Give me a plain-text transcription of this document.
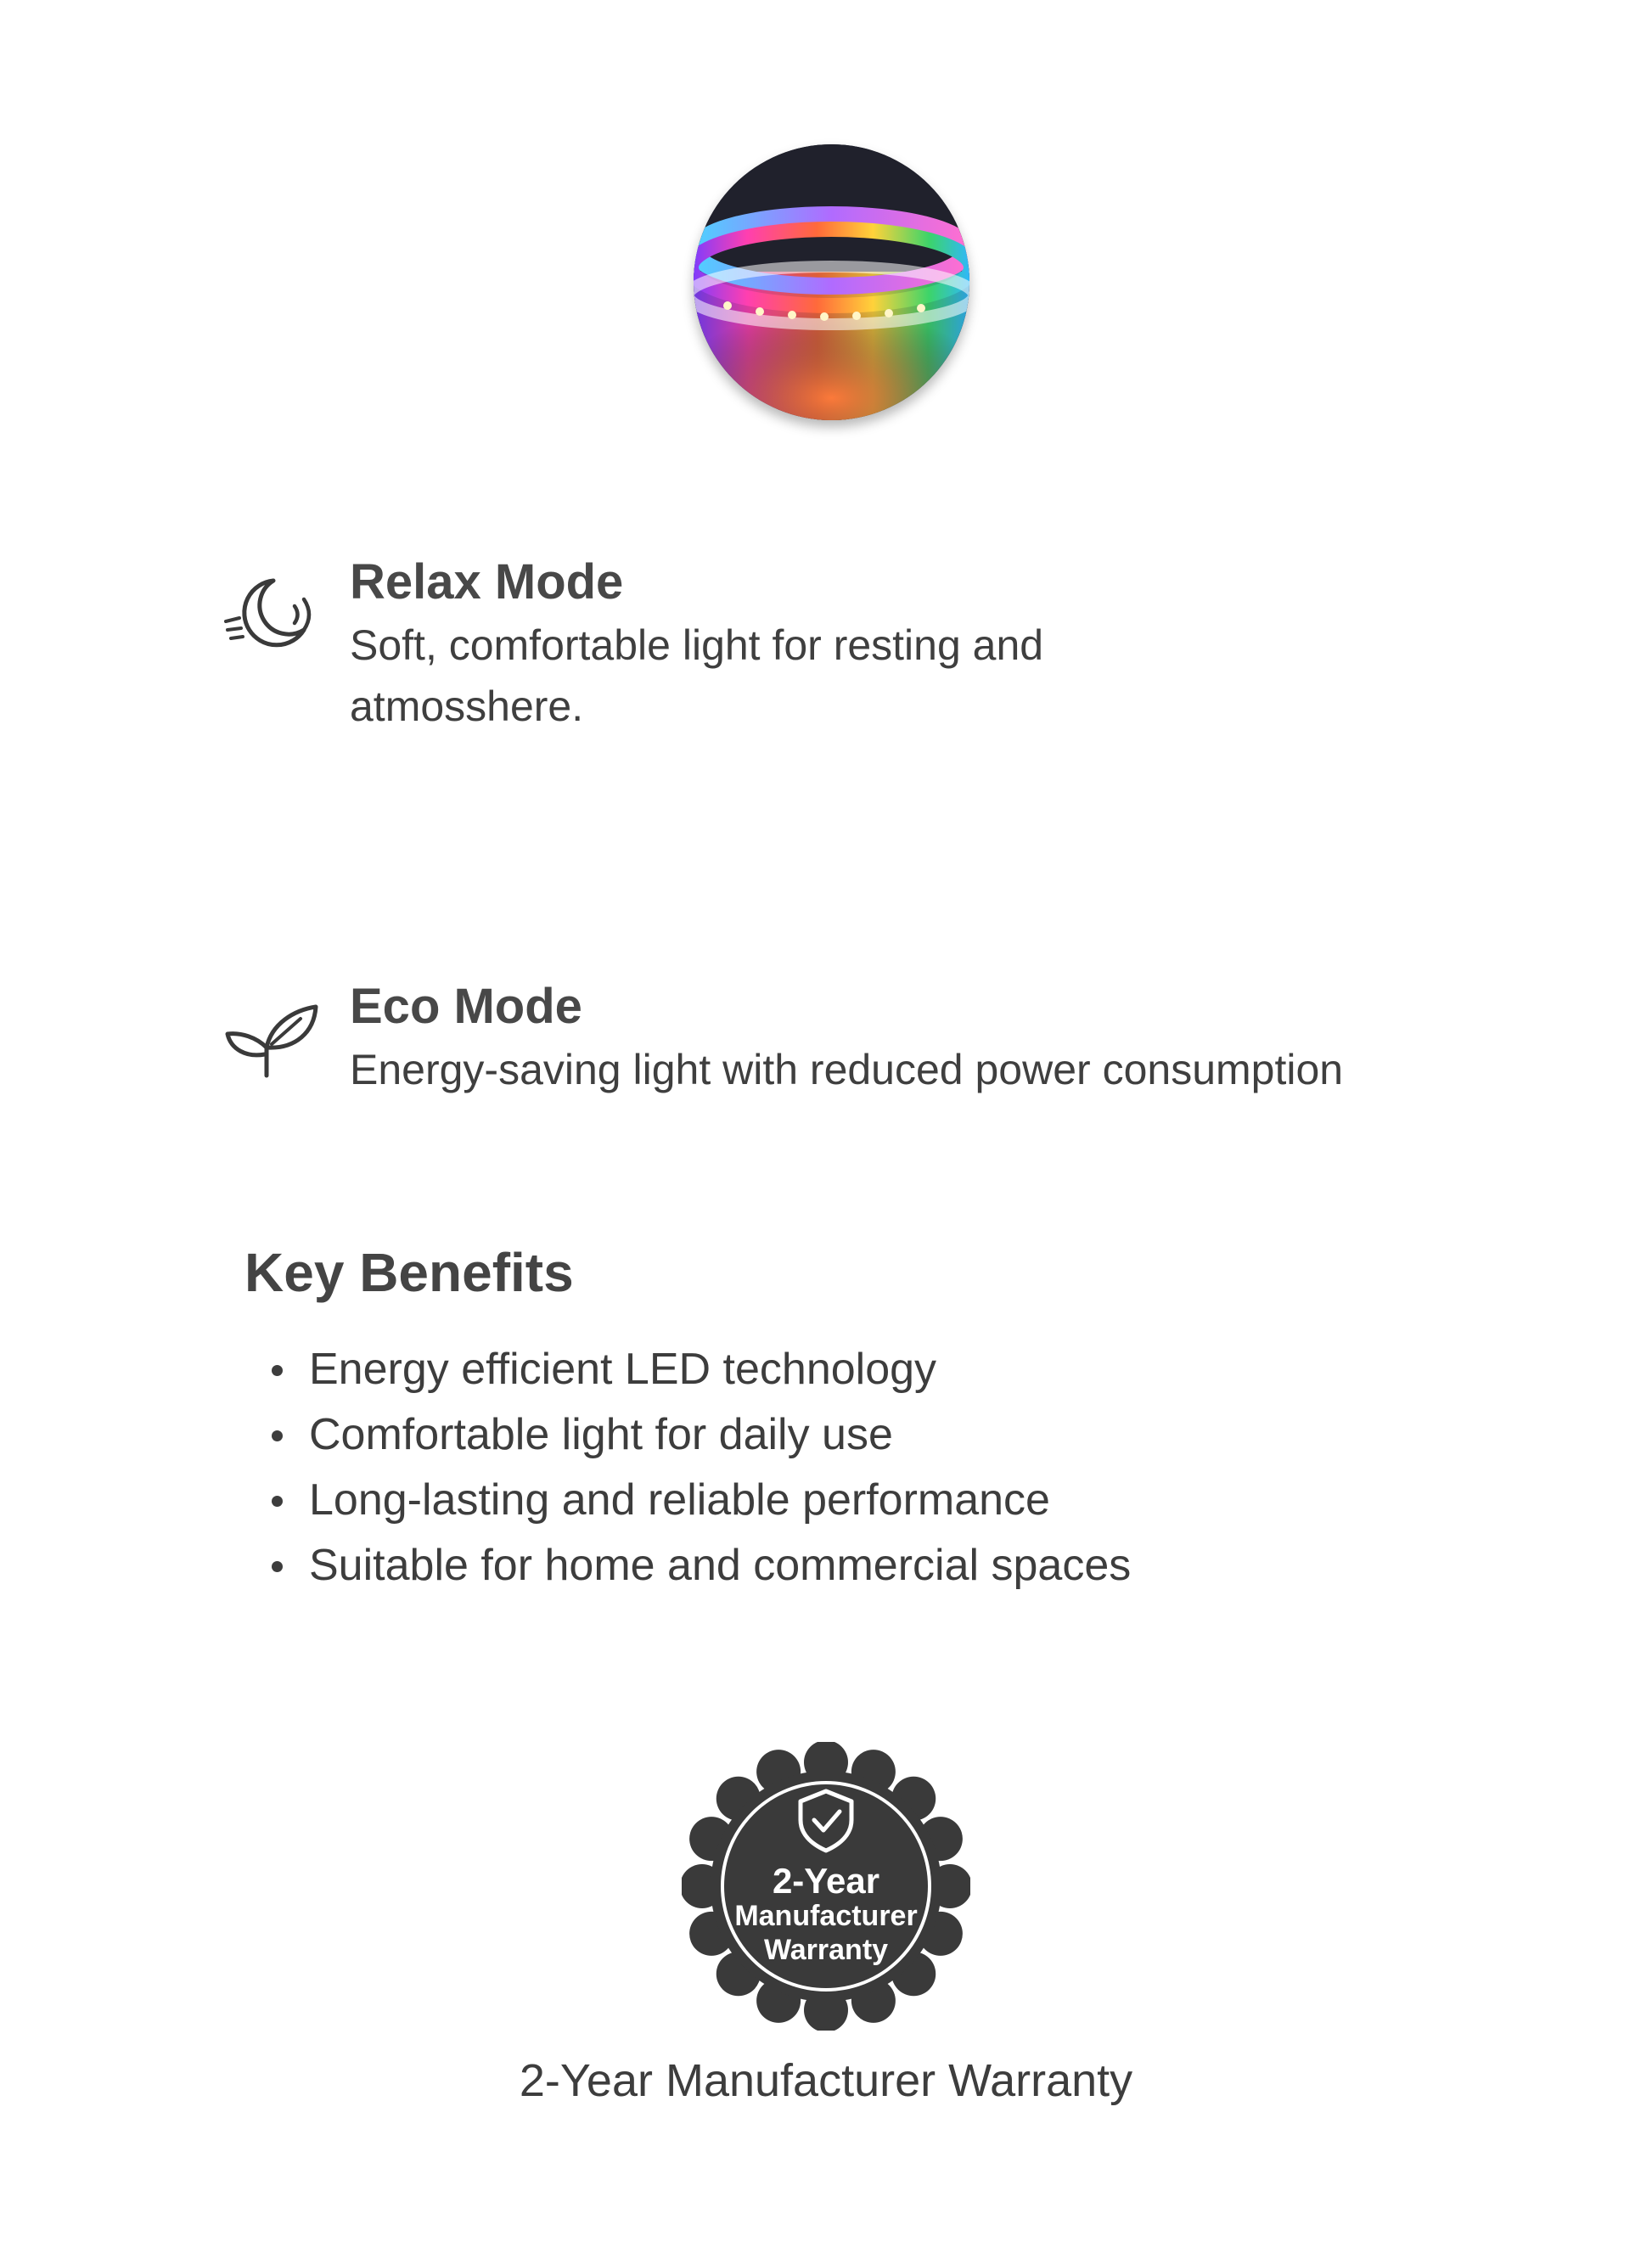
Relax Mode
Soft, comfortable light for resting and atmosshere.
Eco Mode
Energy-saving light with reduced power consumption
Key Benefits
Energy efficient LED technology
Comfortable light for daily use
Long-lasting and reliable performance
Suitable for home and commercial spaces
2-Year
Manufacturer
Warranty
2-Year Manufacturer Warranty
